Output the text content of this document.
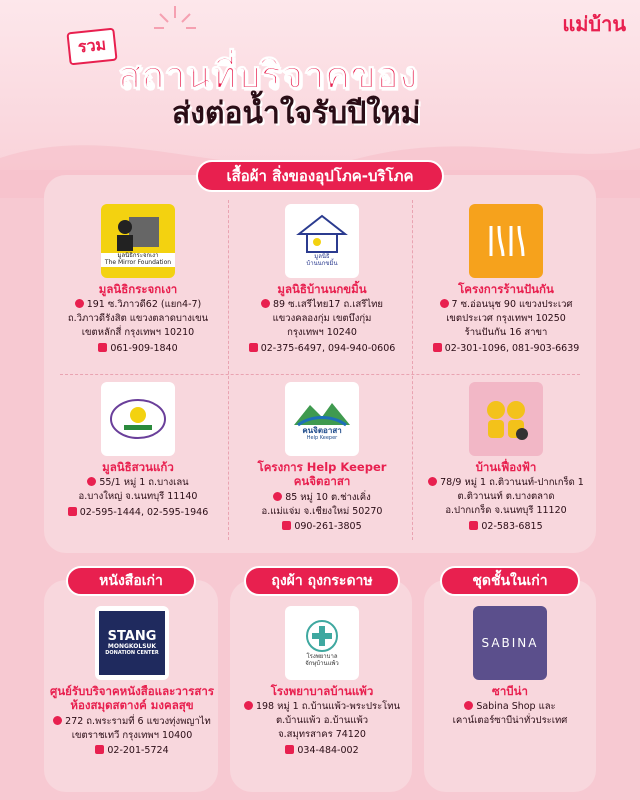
แม่บ้าน
รวม
สถานที่บริจาคของ
ส่งต่อน้ำใจรับปีใหม่
เสื้อผ้า สิ่งของอุปโภค-บริโภค
มูลนิธิกระจกเงา
The Mirror Foundation
มูลนิธิกระจกเงา
191 ซ.วิภาวดี62 (แยก4-7)
ถ.วิภาวดีรังสิต แขวงตลาดบางเขน
เขตหลักสี่ กรุงเทพฯ 10210
061-909-1840
มูลนิธิ
บ้านนกขมิ้น
มูลนิธิบ้านนกขมิ้น
89 ซ.เสรีไทย17 ถ.เสรีไทย
แขวงคลองกุ่ม เขตบึงกุ่ม
กรุงเทพฯ 10240
02-375-6497, 094-940-0606
โครงการร้านปันกัน
7 ซ.อ่อนนุช 90 แขวงประเวศ
เขตประเวศ กรุงเทพฯ 10250
ร้านปันกัน 16 สาขา
02-301-1096, 081-903-6639
มูลนิธิสวนแก้ว
55/1 หมู่ 1 ถ.บางเลน
อ.บางใหญ่ จ.นนทบุรี 11140
02-595-1444, 02-595-1946
คนจิตอาสา
Help Keeper
โครงการ Help Keeper
คนจิตอาสา
85 หมู่ 10 ต.ช่างเคิ่ง
อ.แม่แจ่ม จ.เชียงใหม่ 50270
090-261-3805
บ้านเฟื่องฟ้า
78/9 หมู่ 1 ถ.ติวานนท์-ปากเกร็ด 1
ต.ติวานนท์ ต.บางตลาด
อ.ปากเกร็ด จ.นนทบุรี 11120
02-583-6815
หนังสือเก่า	ถุงผ้า ถุงกระดาษ	ชุดชั้นในเก่า
STANG
MONGKOLSUK
DONATION CENTER
ศูนย์รับบริจาคหนังสือและวารสาร
ห้องสมุดสตางค์ มงคลสุข
272 ถ.พระรามที่ 6 แขวงทุ่งพญาไท
เขตราชเทวี กรุงเทพฯ 10400
02-201-5724
โรงพยาบาล
จักษุบ้านแพ้ว
โรงพยาบาลบ้านแพ้ว
198 หมู่ 1 ถ.บ้านแพ้ว-พระประโทน
ต.บ้านแพ้ว อ.บ้านแพ้ว
จ.สมุทรสาคร 74120
034-484-002
SABINA
ซาบีน่า
Sabina Shop และ
เคาน์เตอร์ซาบีน่าทั่วประเทศ
